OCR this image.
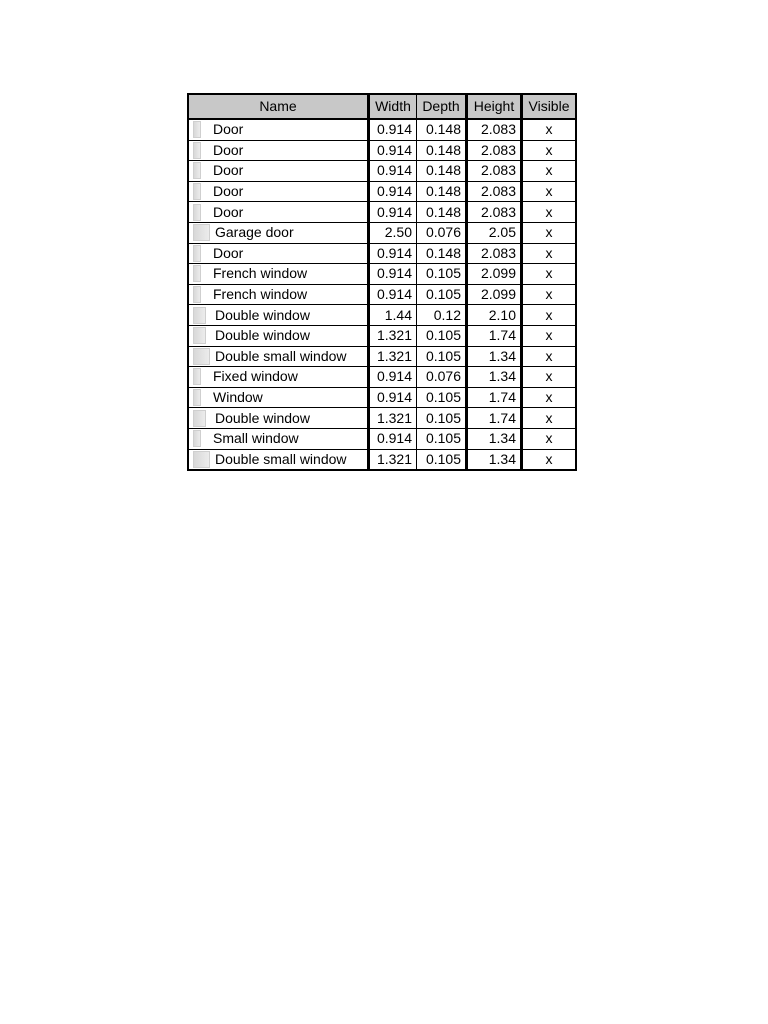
Name	Width	Depth	Height	Visible

Door	0.914	0.148	2.083	x

Door	0.914	0.148	2.083	x

Door	0.914	0.148	2.083	x

Door	0.914	0.148	2.083	x

Door	0.914	0.148	2.083	x

Garage door	2.50	0.076	2.05	x

Door	0.914	0.148	2.083	x

French window	0.914	0.105	2.099	x

French window	0.914	0.105	2.099	x

Double window	1.44	0.12	2.10	x

Double window	1.321	0.105	1.74	x

Double small window	1.321	0.105	1.34	x

Fixed window	0.914	0.076	1.34	x

Window	0.914	0.105	1.74	x

Double window	1.321	0.105	1.74	x

Small window	0.914	0.105	1.34	x

Double small window	1.321	0.105	1.34	x
